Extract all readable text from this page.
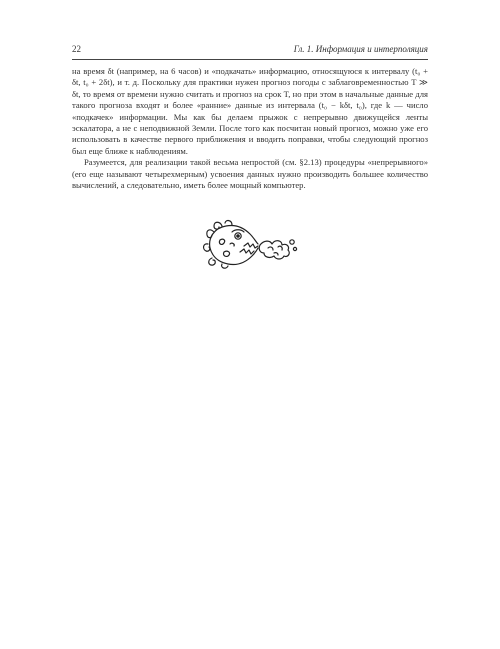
22	Гл. 1. Информация и интерполяция

на время δt (например, на 6 часов) и «подкачать» информацию, относящуюся к интервалу (t₀ + δt, t₀ + 2δt), и т. д. Поскольку для практики нужен прогноз погоды с заблаговременностью T ≫ δt, то время от времени нужно считать и прогноз на срок T, но при этом в начальные данные для такого прогноза входят и более «ранние» данные из интервала (t₀ − kδt, t₀), где k — число «подкачек» информации. Мы как бы делаем прыжок с непрерывно движущейся ленты эскалатора, а не с неподвижной Земли. После того как посчитан новый прогноз, можно уже его использовать в качестве первого приближения и вводить поправки, чтобы следующий прогноз был еще ближе к наблюдениям.

Разумеется, для реализации такой весьма непростой (см. §2.13) процедуры «непрерывного» (его еще называют четырехмерным) усвоения данных нужно производить большее количество вычислений, а следовательно, иметь более мощный компьютер.
